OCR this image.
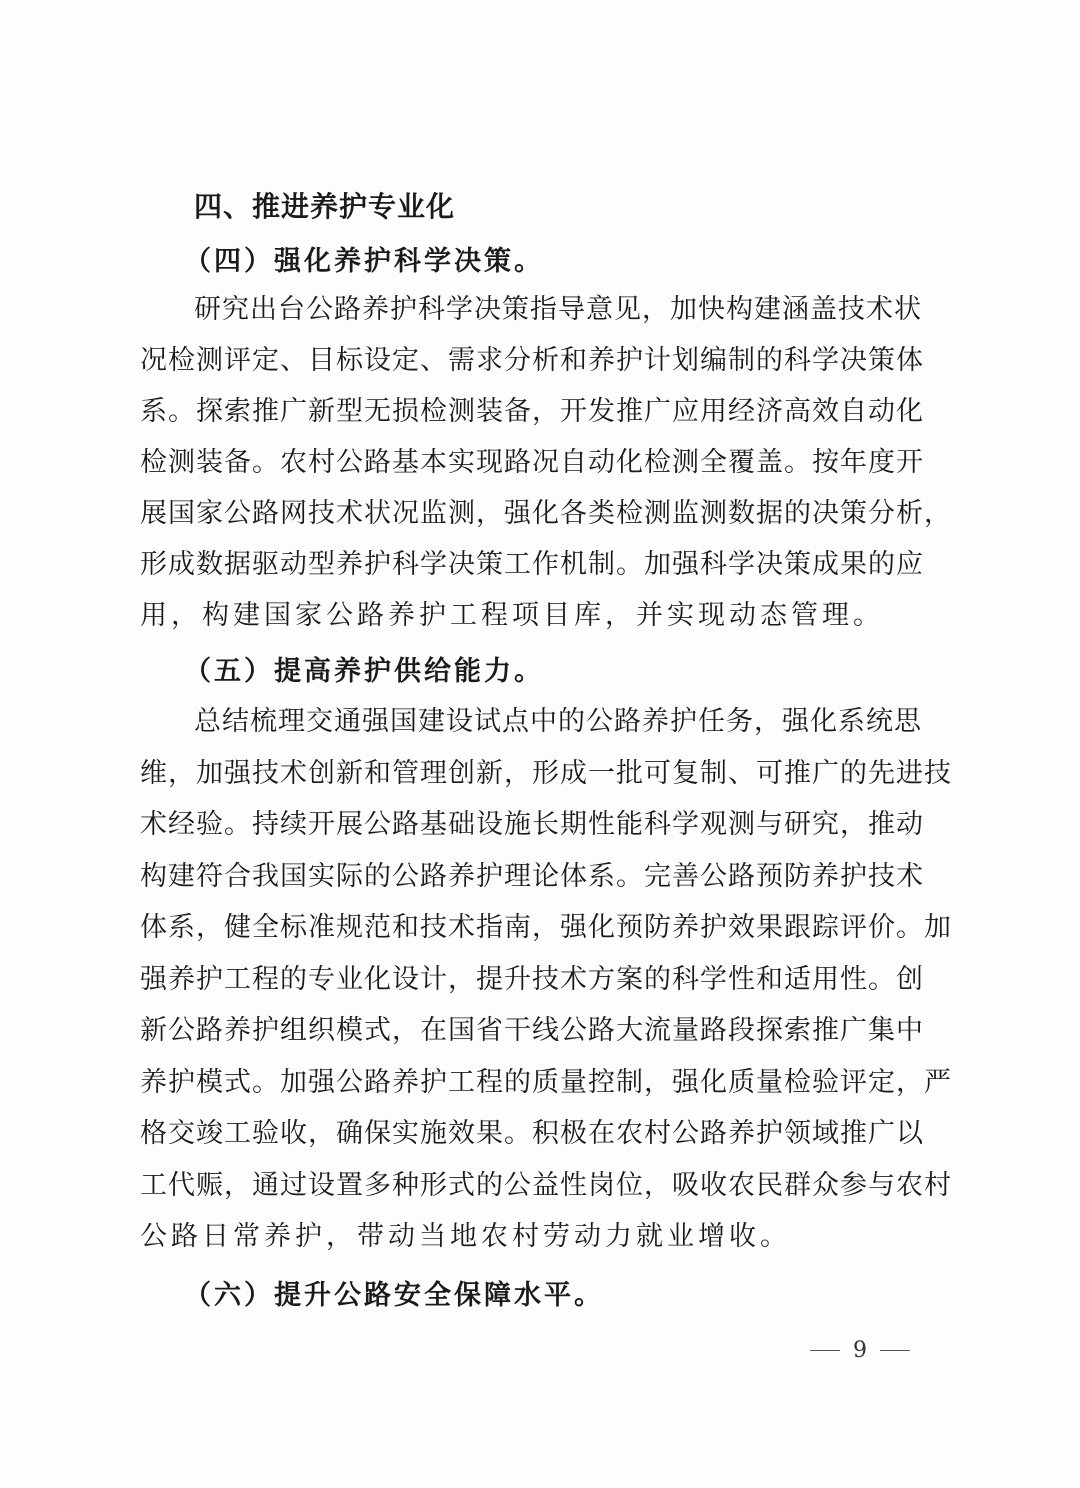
四、推进养护专业化
（四）强化养护科学决策。
研究出台公路养护科学决策指导意见，加快构建涵盖技术状
况检测评定、目标设定、需求分析和养护计划编制的科学决策体
系。探索推广新型无损检测装备，开发推广应用经济高效自动化
检测装备。农村公路基本实现路况自动化检测全覆盖。按年度开
展国家公路网技术状况监测，强化各类检测监测数据的决策分析，
形成数据驱动型养护科学决策工作机制。加强科学决策成果的应
用，构建国家公路养护工程项目库，并实现动态管理。
（五）提高养护供给能力。
总结梳理交通强国建设试点中的公路养护任务，强化系统思
维，加强技术创新和管理创新，形成一批可复制、可推广的先进技
术经验。持续开展公路基础设施长期性能科学观测与研究，推动
构建符合我国实际的公路养护理论体系。完善公路预防养护技术
体系，健全标准规范和技术指南，强化预防养护效果跟踪评价。加
强养护工程的专业化设计，提升技术方案的科学性和适用性。创
新公路养护组织模式，在国省干线公路大流量路段探索推广集中
养护模式。加强公路养护工程的质量控制，强化质量检验评定，严
格交竣工验收，确保实施效果。积极在农村公路养护领域推广以
工代赈，通过设置多种形式的公益性岗位，吸收农民群众参与农村
公路日常养护，带动当地农村劳动力就业增收。
（六）提升公路安全保障水平。
9
